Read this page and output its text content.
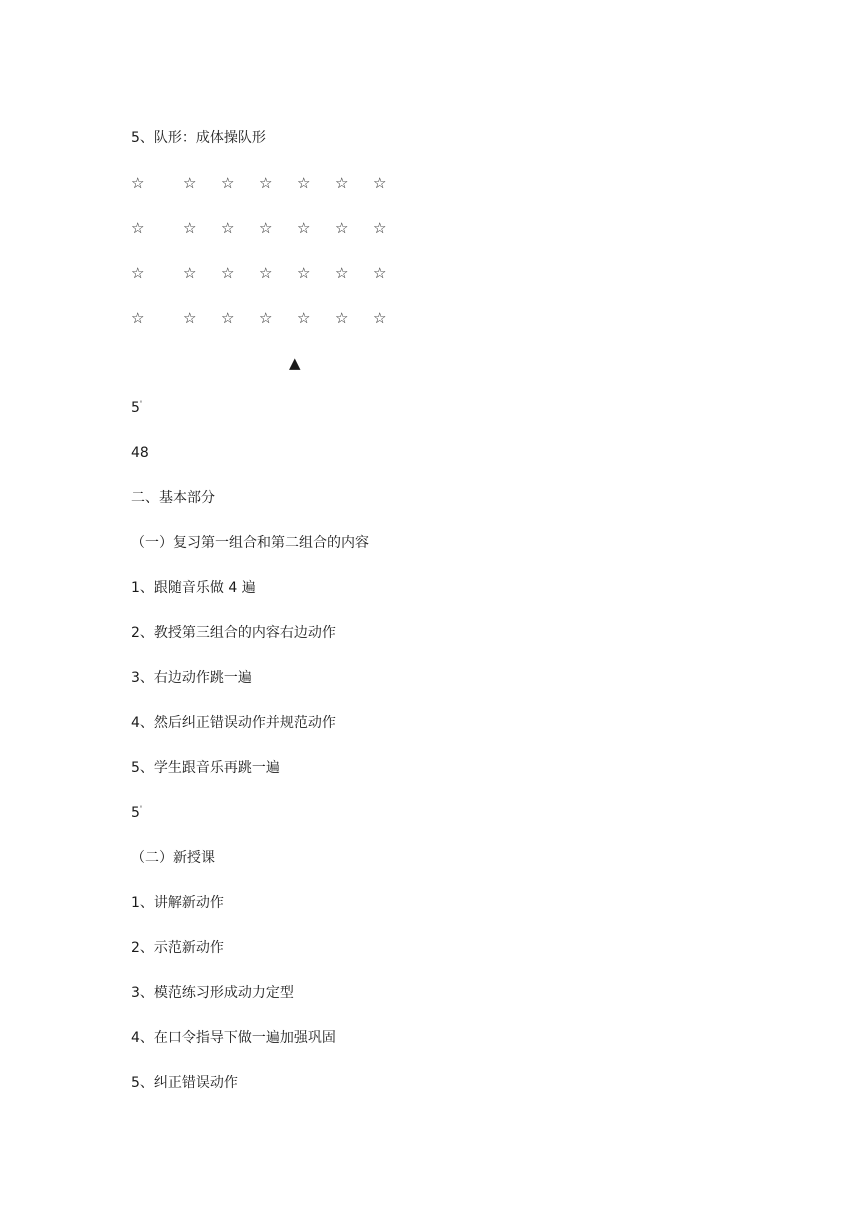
5、队形：成体操队形
☆	☆ ☆ ☆ ☆ ☆ ☆
☆	☆ ☆ ☆ ☆ ☆ ☆
☆	☆ ☆ ☆ ☆ ☆ ☆
☆	☆ ☆ ☆ ☆ ☆ ☆
▲
5'
48
二、基本部分
（一）复习第一组合和第二组合的内容
1、跟随音乐做 4 遍
2、教授第三组合的内容右边动作
3、右边动作跳一遍
4、然后纠正错误动作并规范动作
5、学生跟音乐再跳一遍
5'
（二）新授课
1、讲解新动作
2、示范新动作
3、模范练习形成动力定型
4、在口令指导下做一遍加强巩固
5、纠正错误动作
